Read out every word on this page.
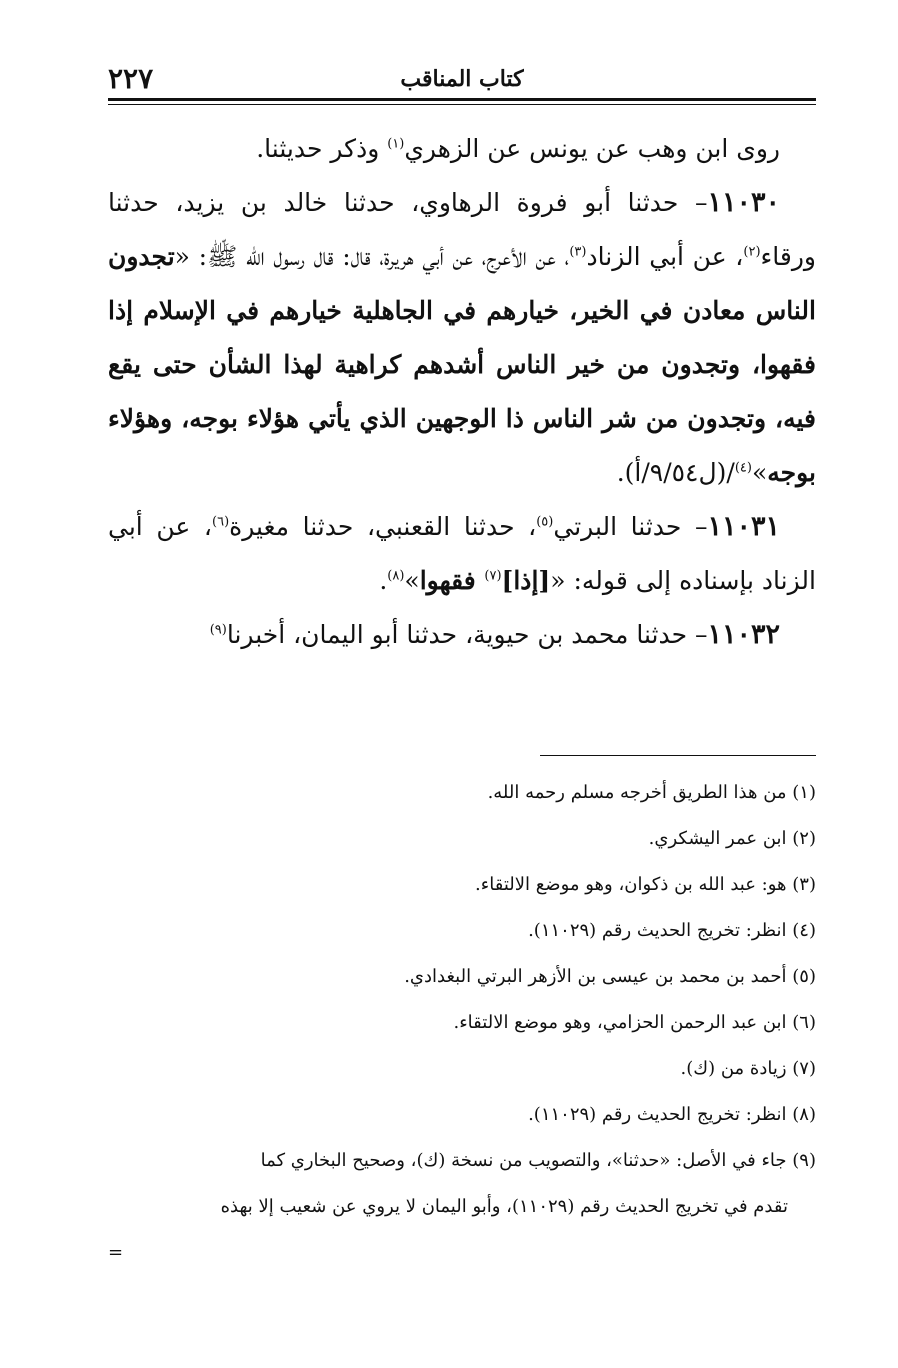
كتاب المناقب
٢٢٧

روى ابن وهب عن يونس عن الزهري$^{(١)}$ وذكر حديثنا.

١١٠٣٠– حدثنا أبو فروة الرهاوي، حدثنا خالد بن يزيد، حدثنا ورقاء$^{(٢)}$، عن أبي الزناد$^{(٣)}$، عن الأعرج، عن أبي هريرة، قال: قال رسول الله ﷺ: «تجدون الناس معادن في الخير، خيارهم في الجاهلية خيارهم في الإسلام إذا فقهوا، وتجدون من خير الناس أشدهم كراهية لهذا الشأن حتى يقع فيه، وتجدون من شر الناس ذا الوجهين الذي يأتي هؤلاء بوجه، وهؤلاء بوجه»$^{(٤)}$/(ل٩/٥٤/أ).

١١٠٣١– حدثنا البرتي$^{(٥)}$، حدثنا القعنبي، حدثنا مغيرة$^{(٦)}$، عن أبي الزناد بإسناده إلى قوله: «[إذا]$^{(٧)}$ فقهوا»$^{(٨)}$.

١١٠٣٢– حدثنا محمد بن حيوية، حدثنا أبو اليمان، أخبرنا$^{(٩)}$

(١) من هذا الطريق أخرجه مسلم رحمه الله.

(٢) ابن عمر اليشكري.

(٣) هو: عبد الله بن ذكوان، وهو موضع الالتقاء.

(٤) انظر: تخريج الحديث رقم (١١٠٢٩).

(٥) أحمد بن محمد بن عيسى بن الأزهر البرتي البغدادي.

(٦) ابن عبد الرحمن الحزامي، وهو موضع الالتقاء.

(٧) زيادة من (ك).

(٨) انظر: تخريج الحديث رقم (١١٠٢٩).

(٩) جاء في الأصل: «حدثنا»، والتصويب من نسخة (ك)، وصحيح البخاري كما

تقدم في تخريج الحديث رقم (١١٠٢٩)، وأبو اليمان لا يروي عن شعيب إلا بهذه

=
